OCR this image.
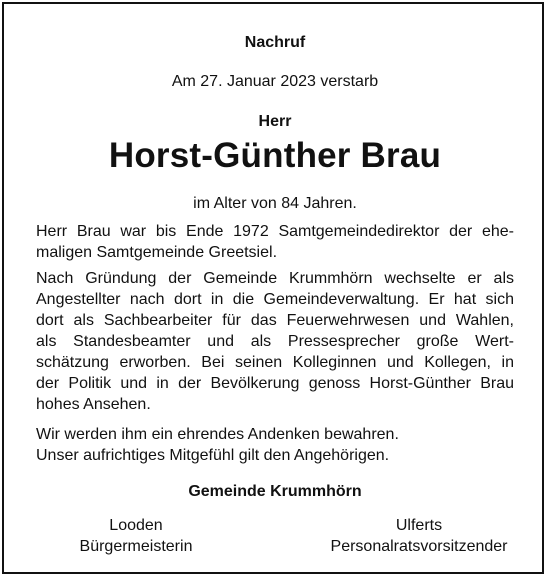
Nachruf
Am 27. Januar 2023 verstarb
Herr
Horst-Günther Brau
im Alter von 84 Jahren.
Herr Brau war bis Ende 1972 Samtgemeindedirektor der ehe-
maligen Samtgemeinde Greetsiel.
Nach Gründung der Gemeinde Krummhörn wechselte er als
Angestellter nach dort in die Gemeindeverwaltung. Er hat sich
dort als Sachbearbeiter für das Feuerwehrwesen und Wahlen,
als Standesbeamter und als Pressesprecher große Wert-
schätzung erworben. Bei seinen Kolleginnen und Kollegen, in
der Politik und in der Bevölkerung genoss Horst-Günther Brau
hohes Ansehen.
Wir werden ihm ein ehrendes Andenken bewahren.
Unser aufrichtiges Mitgefühl gilt den Angehörigen.
Gemeinde Krummhörn
Looden
Bürgermeisterin
Ulferts
Personalratsvorsitzender
